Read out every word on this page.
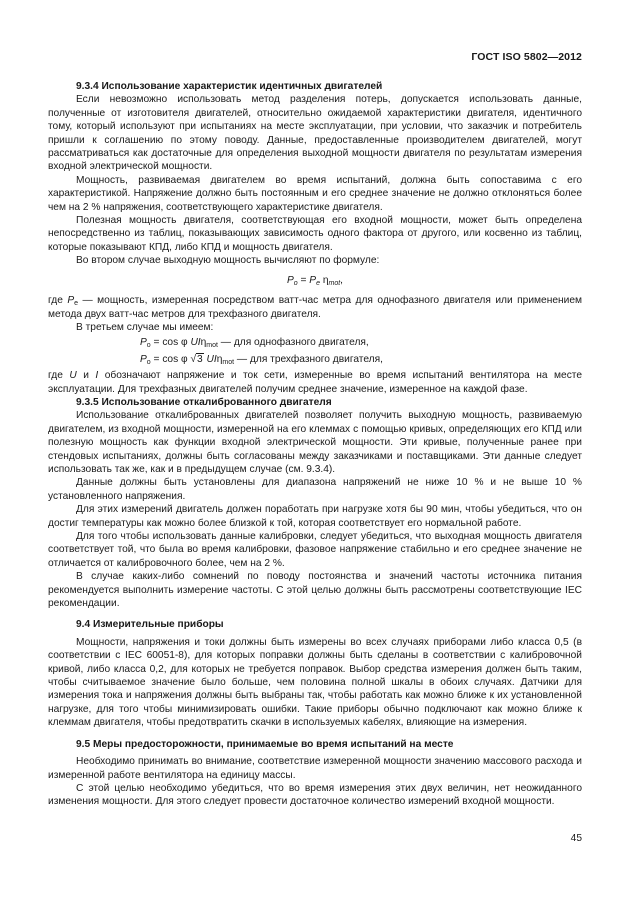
ГОСТ ISO 5802—2012
9.3.4 Использование характеристик идентичных двигателей

Если невозможно использовать метод разделения потерь, допускается использовать данные, полученные от изготовителя двигателей, относительно ожидаемой характеристики двигателя, идентичного тому, который используют при испытаниях на месте эксплуатации, при условии, что заказчик и потребитель пришли к соглашению по этому поводу. Данные, предоставленные производителем двигателей, могут рассматриваться как достаточные для определения выходной мощности двигателя по результатам измерения входной электрической мощности.

Мощность, развиваемая двигателем во время испытаний, должна быть сопоставима с его характеристикой. Напряжение должно быть постоянным и его среднее значение не должно отклоняться более чем на 2 % напряжения, соответствующего характеристике двигателя.

Полезная мощность двигателя, соответствующая его входной мощности, может быть определена непосредственно из таблиц, показывающих зависимость одного фактора от другого, или косвенно из таблиц, которые показывают КПД, либо КПД и мощность двигателя.

Во втором случае выходную мощность вычисляют по формуле:

$P_o = P_e$ $\eta_{mot}$,

где $P_e$ — мощность, измеренная посредством ватт-час метра для однофазного двигателя или применением метода двух ватт-час метров для трехфазного двигателя.

В третьем случае мы имеем:

$P_o = \cos \varphi$ UIη$_{mot}$ — для однофазного двигателя,
$P_o = \cos \varphi$ √3 UIη$_{mot}$ — для трехфазного двигателя,

где U и I обозначают напряжение и ток сети, измеренные во время испытаний вентилятора на месте эксплуатации. Для трехфазных двигателей получим среднее значение, измеренное на каждой фазе.

9.3.5 Использование откалиброванного двигателя

Использование откалиброванных двигателей позволяет получить выходную мощность, развиваемую двигателем, из входной мощности, измеренной на его клеммах с помощью кривых, определяющих его КПД или полезную мощность как функции входной электрической мощности. Эти кривые, полученные ранее при стендовых испытаниях, должны быть согласованы между заказчиками и поставщиками. Эти данные следует использовать так же, как и в предыдущем случае (см. 9.3.4).

Данные должны быть установлены для диапазона напряжений не ниже 10 % и не выше 10 % установленного напряжения.

Для этих измерений двигатель должен поработать при нагрузке хотя бы 90 мин, чтобы убедиться, что он достиг температуры как можно более близкой к той, которая соответствует его нормальной работе.

Для того чтобы использовать данные калибровки, следует убедиться, что выходная мощность двигателя соответствует той, что была во время калибровки, фазовое напряжение стабильно и его среднее значение не отличается от калибровочного более, чем на 2 %.

В случае каких-либо сомнений по поводу постоянства и значений частоты источника питания рекомендуется выполнить измерение частоты. С этой целью должны быть рассмотрены соответствующие IEC рекомендации.

9.4 Измерительные приборы

Мощности, напряжения и токи должны быть измерены во всех случаях приборами либо класса 0,5 (в соответствии с IEC 60051-8), для которых поправки должны быть сделаны в соответствии с калибровочной кривой, либо класса 0,2, для которых не требуется поправок. Выбор средства измерения должен быть таким, чтобы считываемое значение было больше, чем половина полной шкалы в обоих случаях. Датчики для измерения тока и напряжения должны быть выбраны так, чтобы работать как можно ближе к их установленной нагрузке, для того чтобы минимизировать ошибки. Такие приборы обычно подключают как можно ближе к клеммам двигателя, чтобы предотвратить скачки в используемых кабелях, влияющие на измерения.

9.5 Меры предосторожности, принимаемые во время испытаний на месте

Необходимо принимать во внимание, соответствие измеренной мощности значению массового расхода и измеренной работе вентилятора на единицу массы.

С этой целью необходимо убедиться, что во время измерения этих двух величин, нет неожиданного изменения мощности. Для этого следует провести достаточное количество измерений входной мощности.

45
